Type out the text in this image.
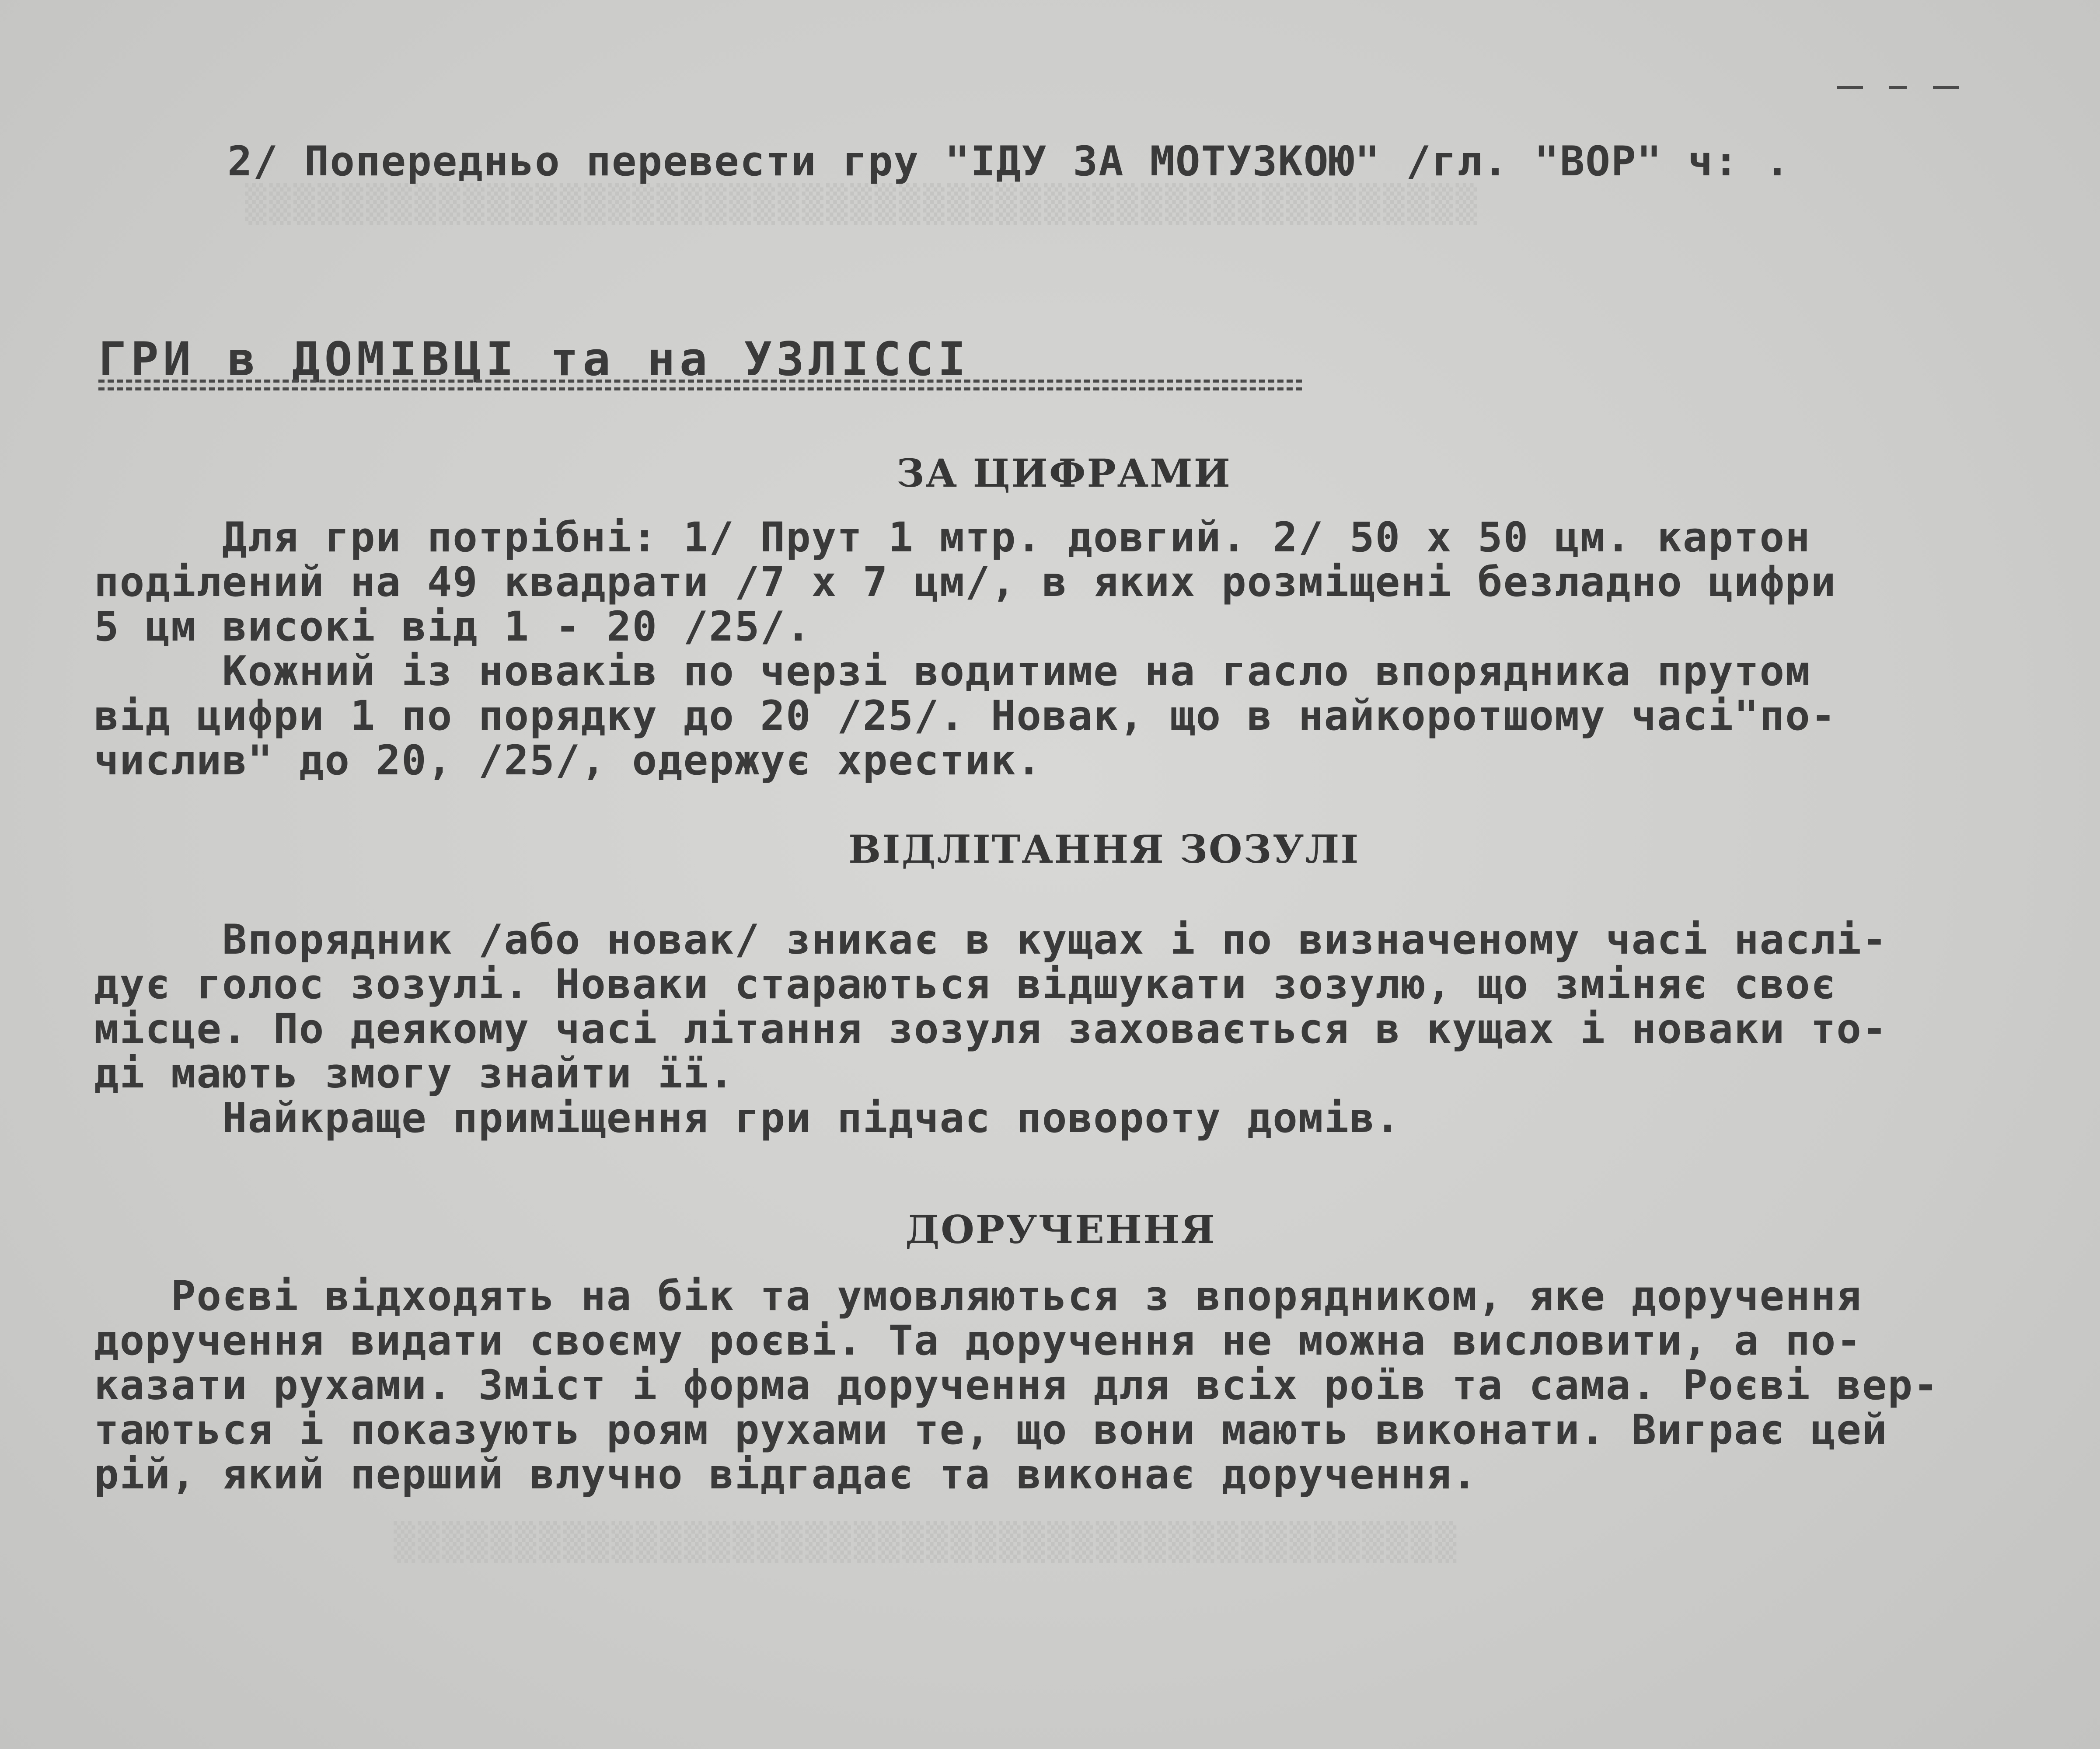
▒▒▒▒▒▒▒▒▒▒▒▒▒▒▒▒▒▒▒▒▒▒▒▒▒▒▒▒▒▒▒▒▒▒▒▒▒▒▒▒▒▒▒▒▒▒▒▒▒▒▒
▒▒▒▒▒▒▒▒▒▒▒▒▒▒▒▒▒▒▒▒▒▒▒▒▒▒▒▒▒▒▒▒▒▒▒▒▒▒▒▒▒▒▒▒
2/ Попередньо перевести гру "ІДУ ЗА МОТУЗКОЮ" /гл. "ВОР" ч: .
ГРИ в ДОМІВЦІ та на УЗЛІССІ
ЗА ЦИФРАМИ
Для гри потрібні: 1/ Прут 1 мтр. довгий. 2/ 50 х 50 цм. картон
поділений на 49 квадрати /7 х 7 цм/, в яких розміщені безладно цифри
5 цм високі від 1 - 20 /25/.
Кожний із новаків по черзі водитиме на гасло впорядника прутом
від цифри 1 по порядку до 20 /25/. Новак, що в найкоротшому часі"по-
числив" до 20, /25/, одержує хрестик.
ВІДЛІТАННЯ ЗОЗУЛІ
Впорядник /або новак/ зникає в кущах і по визначеному часі наслі-
дує голос зозулі. Новаки стараються відшукати зозулю, що зміняє своє
місце. По деякому часі літання зозуля заховається в кущах і новаки то-
ді мають змогу знайти її.
Найкраще приміщення гри підчас повороту домів.
ДОРУЧЕННЯ
Роєві відходять на бік та умовляються з впорядником, яке доручення
доручення видати своєму роєві. Та доручення не можна висловити, а по-
казати рухами. Зміст і форма доручення для всіх роїв та сама. Роєві вер-
таються і показують роям рухами те, що вони мають виконати. Виграє цей
рій, який перший влучно відгадає та виконає доручення.
